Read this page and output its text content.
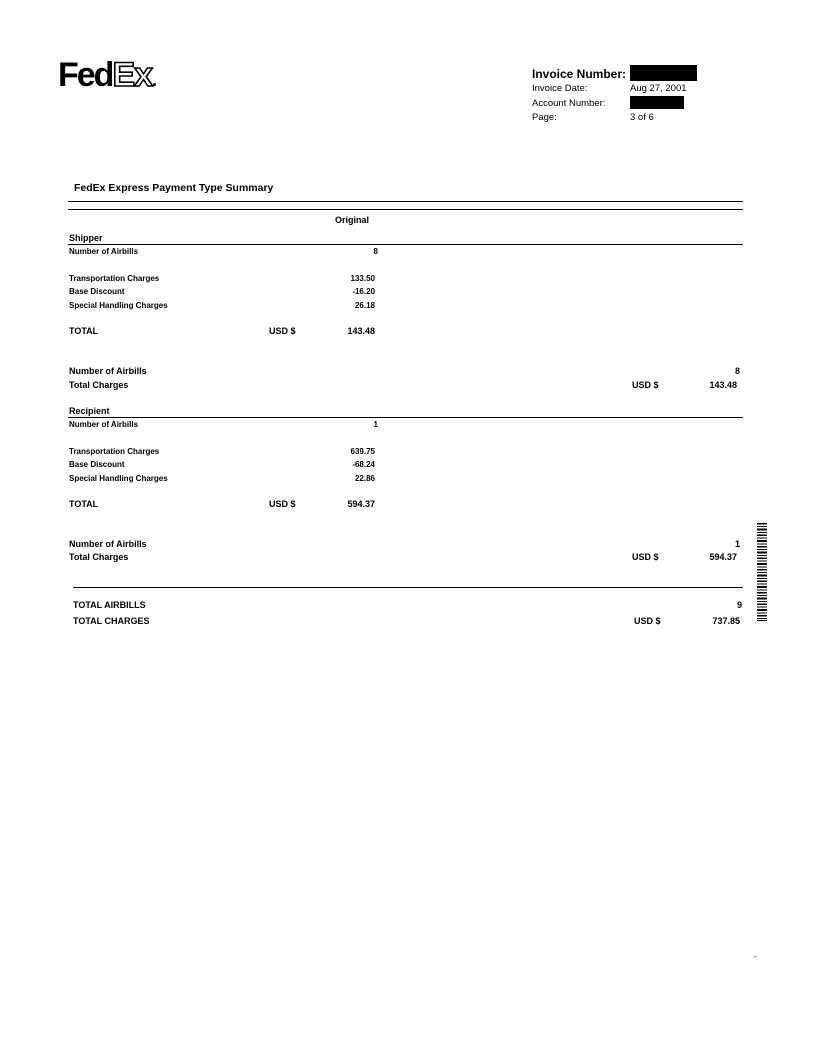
FedEx.	Invoice Number:
Invoice Date:	Aug 27, 2001
Account Number:
Page:	3 of 6
FedEx Express Payment Type Summary
Original
Shipper
Number of Airbills	8
Transportation Charges	133.50
Base Discount	-16.20
Special Handling Charges	26.18
TOTAL	USD $	143.48
Number of Airbills	8
Total Charges	USD $	143.48
Recipient
Number of Airbills	1
Transportation Charges	639.75
Base Discount	-68.24
Special Handling Charges	22.86
TOTAL	USD $	594.37
Number of Airbills	1
Total Charges	USD $	594.37
TOTAL AIRBILLS	9
TOTAL CHARGES	USD $	737.85
-
